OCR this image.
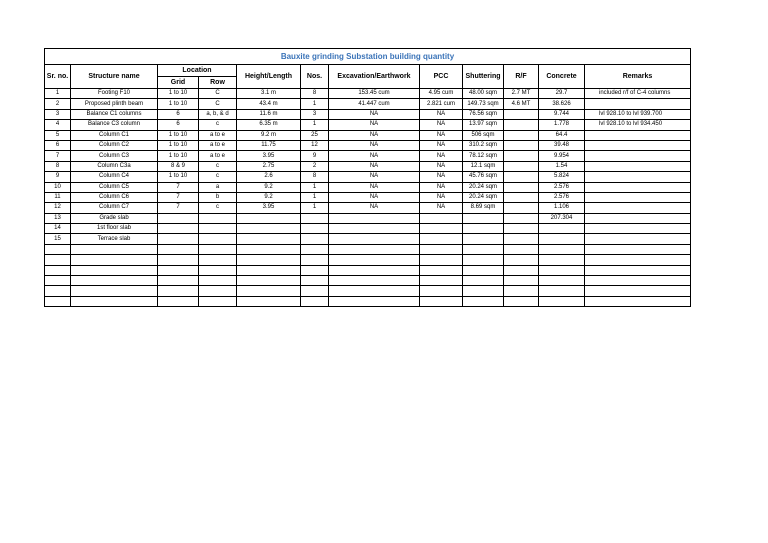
Bauxite grinding Substation building quantity											
Sr. no.	Structure name	Location		Height/Length	Nos.	Excavation/Earthwork	PCC	Shuttering	R/F	Concrete	Remarks
		Grid	Row								
1	Footing F10	1 to 10	C	3.1 m	8	153.45 cum	4.95 cum	48.00 sqm	2.7 MT	29.7	included r/f of C-4 columns
2	Proposed plinth beam	1 to 10	C	43.4 m	1	41.447 cum	2.821 cum	149.73 sqm	4.6 MT	38.626	
3	Balance C1 columns	6	a, b, & d	11.6 m	3	NA	NA	76.56 sqm		9.744	lvl 928.10 to lvl 939.700
4	Balance C3 column	6	c	6.35 m	1	NA	NA	13.97 sqm		1.778	lvl 928.10 to lvl 934.450
5	Column C1	1 to 10	a to e	9.2 m	25	NA	NA	506 sqm		64.4	
6	Column C2	1 to 10	a to e	11.75	12	NA	NA	310.2 sqm		39.48	
7	Column C3	1 to 10	a to e	3.95	9	NA	NA	78.12 sqm		9.954	
8	Column C3a	8 & 9	c	2.75	2	NA	NA	12.1 sqm		1.54	
9	Column C4	1 to 10	c	2.6	8	NA	NA	45.76 sqm		5.824	
10	Column C5	7	a	9.2	1	NA	NA	20.24 sqm		2.576	
11	Column C6	7	b	9.2	1	NA	NA	20.24 sqm		2.576	
12	Column C7	7	c	3.95	1	NA	NA	8.69 sqm		1.106	
13	Grade slab									207.304	
14	1st floor slab										
15	Terrace slab										
